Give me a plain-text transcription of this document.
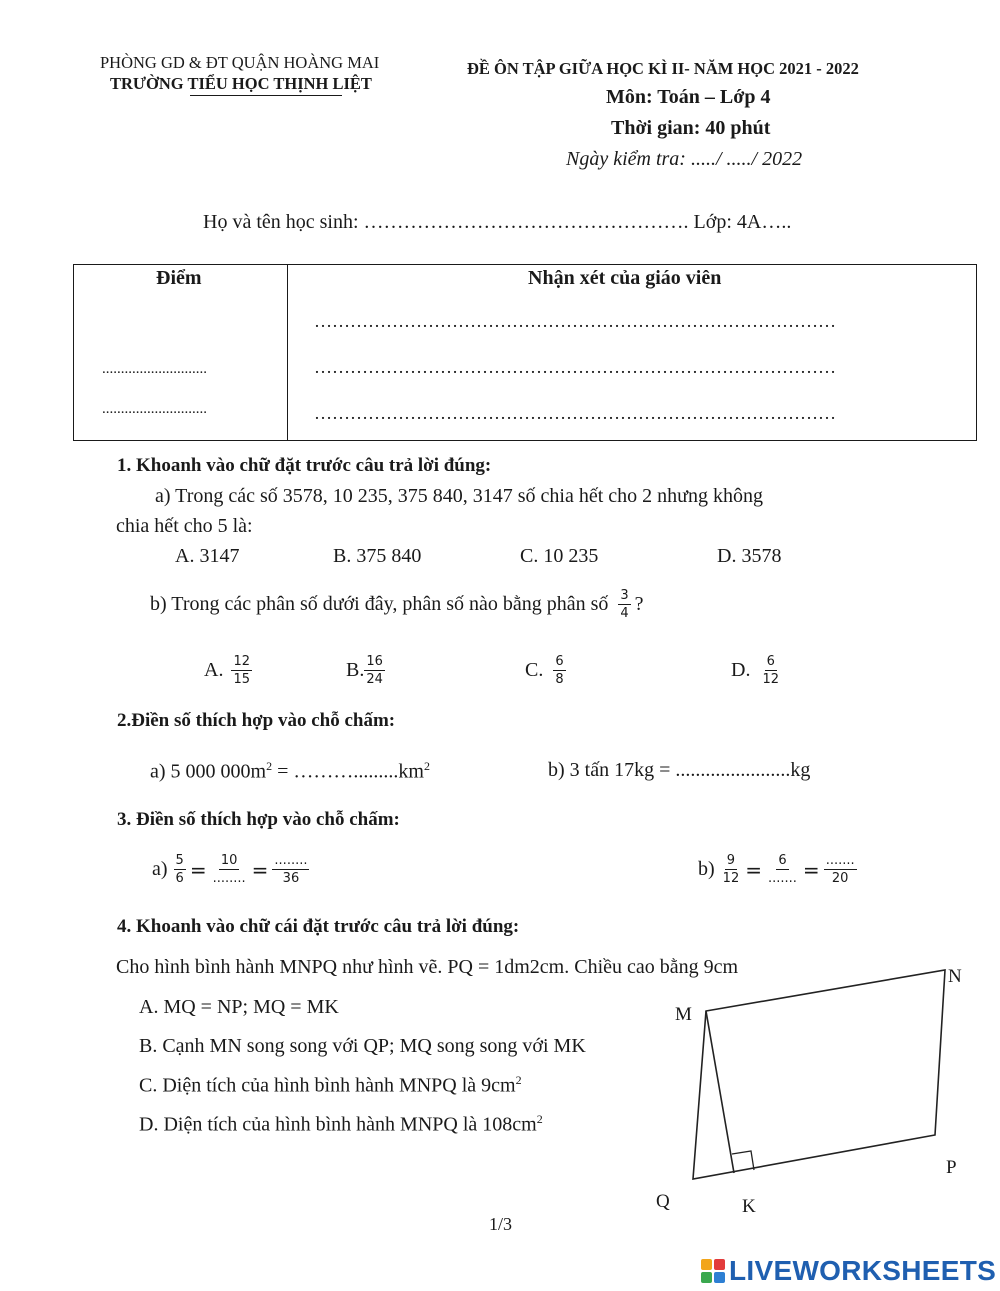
PHÒNG GD & ĐT QUẬN HOÀNG MAI
TRƯỜNG TIỂU HỌC THỊNH LIỆT
ĐỀ ÔN TẬP GIỮA HỌC KÌ II- NĂM HỌC 2021 - 2022
Môn: Toán – Lớp 4
Thời gian: 40 phút
Ngày kiểm tra: ...../ ...../ 2022
Họ và tên học sinh: …………………………………………. Lớp: 4A…..
Điểm	Nhận xét của giáo viên
............................
............................
……………………………………………………………………………
……………………………………………………………………………
……………………………………………………………………………
1. Khoanh vào chữ đặt trước câu trả lời đúng:
a) Trong các số 3578, 10 235, 375 840, 3147 số chia hết cho 2 nhưng không
chia hết cho 5 là:
A. 3147	B. 375 840	C. 10 235	D. 3578
b) Trong các phân số dưới đây, phân số nào bằng phân số $\frac{3}{4}$ ?
A. $\frac{12}{15}$	B. $\frac{16}{24}$	C. $\frac{6}{8}$	D. $\frac{6}{12}$
2.Điền số thích hợp vào chỗ chấm:
a) 5 000 $000m^2$ = $\dots\dots\dots.........km^2$	b) 3 tấn 17kg = .......................kg
3. Điền số thích hợp vào chỗ chấm:
$a) \frac{5}{6} = \frac{10}{........} = \frac{........}{36}$	$b) \frac{9}{12} = \frac{6}{.......} = \frac{.......}{20}$
4. Khoanh vào chữ cái đặt trước câu trả lời đúng:
Cho hình bình hành MNPQ như hình vẽ. PQ = 1dm2cm. Chiều cao bằng 9cm
A. MQ = NP; MQ = MK
B. Cạnh MN song song với QP; MQ song song với MK
C. Diện tích của hình bình hành MNPQ là $9cm^2$
D. Diện tích của hình bình hành MNPQ là $108cm^2$
M
N
P
Q	K
1/3
LIVEWORKSHEETS
